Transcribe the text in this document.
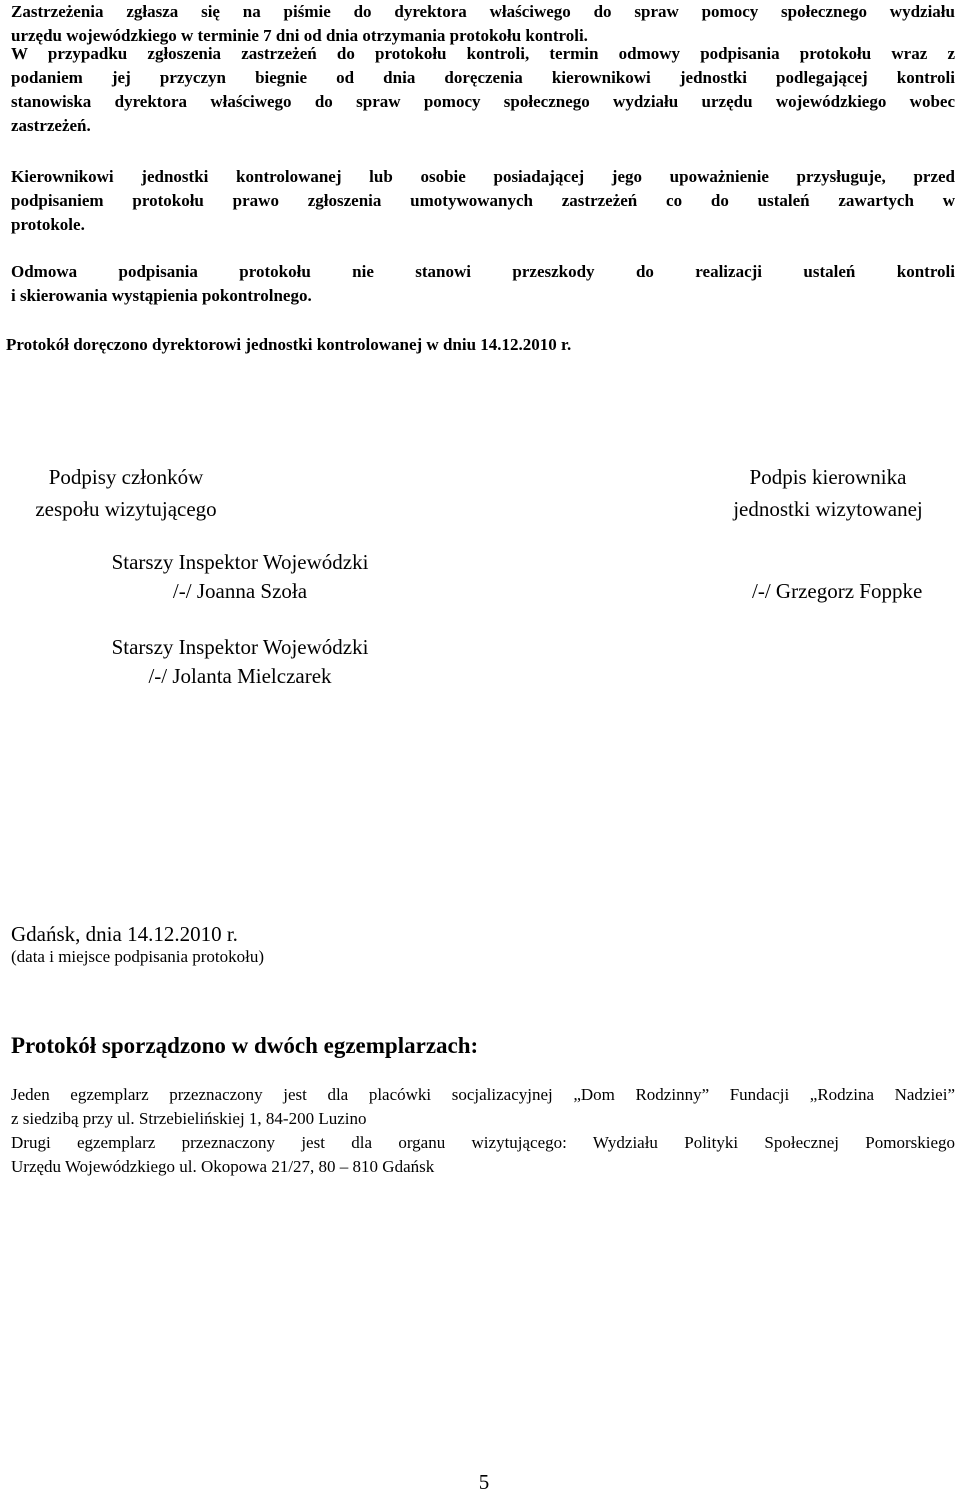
Zastrzeżenia zgłasza się na piśmie do dyrektora właściwego do spraw pomocy społecznego wydziału
urzędu wojewódzkiego w terminie 7 dni od dnia otrzymania protokołu kontroli.
W przypadku zgłoszenia zastrzeżeń do protokołu kontroli, termin odmowy podpisania protokołu wraz z
podaniem jej przyczyn biegnie od dnia doręczenia kierownikowi jednostki podlegającej kontroli
stanowiska dyrektora właściwego do spraw pomocy społecznego wydziału urzędu wojewódzkiego wobec
zastrzeżeń.
Kierownikowi jednostki kontrolowanej lub osobie posiadającej jego upoważnienie przysługuje, przed
podpisaniem protokołu prawo zgłoszenia umotywowanych zastrzeżeń co do ustaleń zawartych w
protokole.
Odmowa podpisania protokołu nie stanowi przeszkody do realizacji ustaleń kontroli
i skierowania wystąpienia pokontrolnego.
Protokół doręczono dyrektorowi jednostki kontrolowanej w dniu 14.12.2010 r.
Podpisy członków
zespołu wizytującego
Podpis kierownika
jednostki wizytowanej
Starszy Inspektor Wojewódzki
/-/ Joanna Szoła
Starszy Inspektor Wojewódzki
/-/ Jolanta Mielczarek
/-/ Grzegorz Foppke
Gdańsk, dnia 14.12.2010 r.
(data i miejsce podpisania protokołu)
Protokół sporządzono w dwóch egzemplarzach:
Jeden egzemplarz przeznaczony jest dla placówki socjalizacyjnej „Dom Rodzinny” Fundacji „Rodzina Nadziei”
z siedzibą przy ul. Strzebielińskiej 1, 84-200 Luzino
Drugi egzemplarz przeznaczony jest dla organu wizytującego: Wydziału Polityki Społecznej Pomorskiego
Urzędu Wojewódzkiego ul. Okopowa 21/27, 80 – 810 Gdańsk
5
